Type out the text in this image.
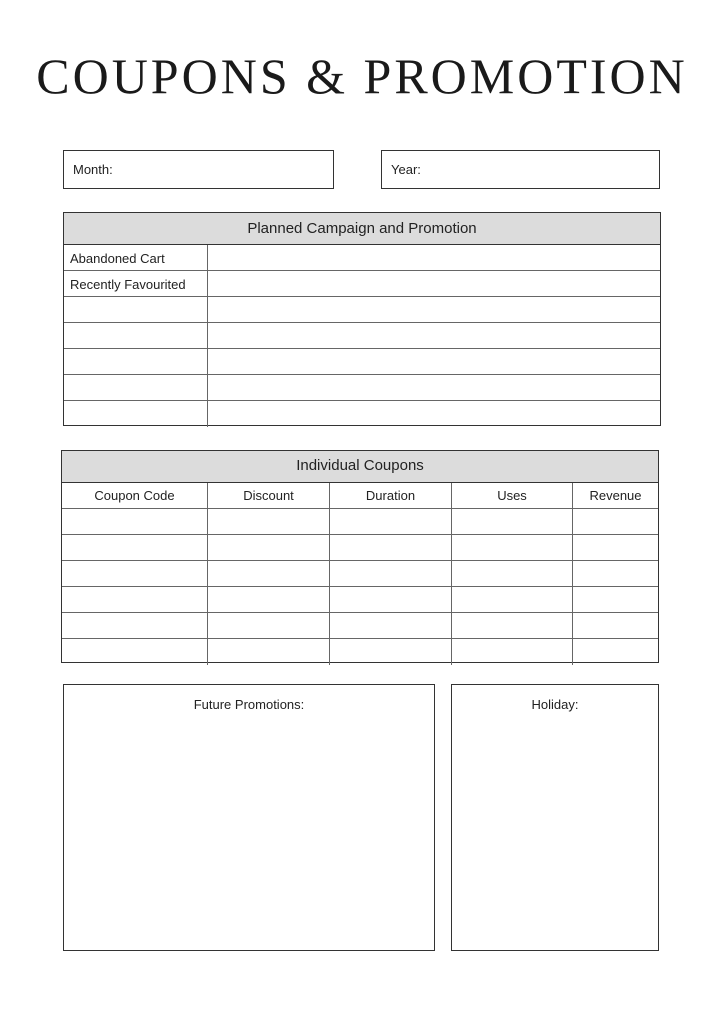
COUPONS & PROMOTION
Month:	Year:
Planned Campaign and Promotion
Abandoned Cart
Recently Favourited
Individual Coupons
Coupon Code	Discount	Duration	Uses	Revenue
Future Promotions:	Holiday:
